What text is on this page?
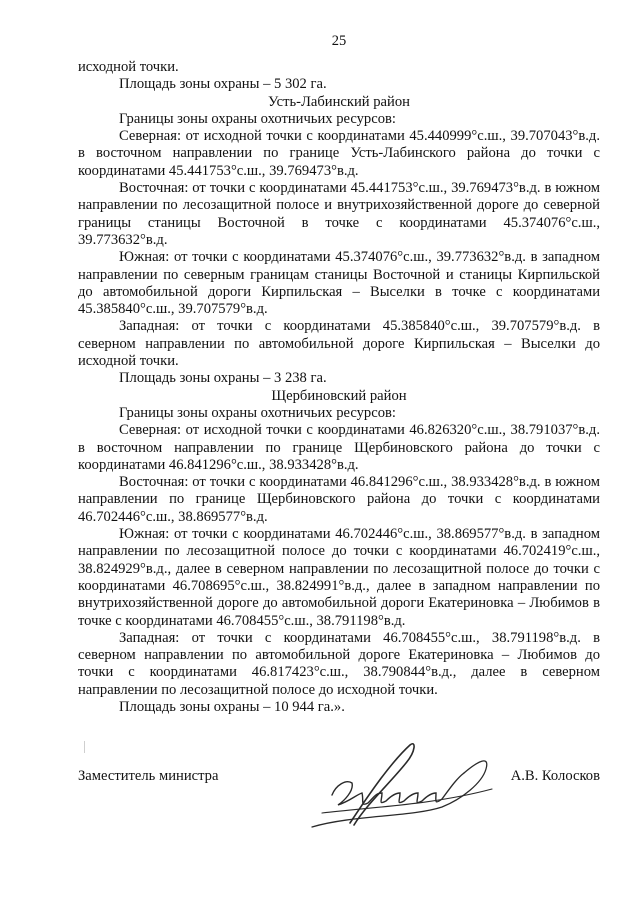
25

исходной точки.

Площадь зоны охраны – 5 302 га.

Усть-Лабинский район

Границы зоны охраны охотничьих ресурсов:

Северная: от исходной точки с координатами 45.440999°с.ш., 39.707043°в.д. в восточном направлении по границе Усть-Лабинского района до точки с координатами 45.441753°с.ш., 39.769473°в.д.

Восточная: от точки с координатами 45.441753°с.ш., 39.769473°в.д. в южном направлении по лесозащитной полосе и внутрихозяйственной дороге до северной границы станицы Восточной в точке с координатами 45.374076°с.ш., 39.773632°в.д.

Южная: от точки с координатами 45.374076°с.ш., 39.773632°в.д. в западном направлении по северным границам станицы Восточной и станицы Кирпильской до автомобильной дороги Кирпильская – Выселки в точке с координатами 45.385840°с.ш., 39.707579°в.д.

Западная: от точки с координатами 45.385840°с.ш., 39.707579°в.д. в северном направлении по автомобильной дороге Кирпильская – Выселки до исходной точки.

Площадь зоны охраны – 3 238 га.

Щербиновский район

Границы зоны охраны охотничьих ресурсов:

Северная: от исходной точки с координатами 46.826320°с.ш., 38.791037°в.д. в восточном направлении по границе Щербиновского района до точки с координатами 46.841296°с.ш., 38.933428°в.д.

Восточная: от точки с координатами 46.841296°с.ш., 38.933428°в.д. в южном направлении по границе Щербиновского района до точки с координатами 46.702446°с.ш., 38.869577°в.д.

Южная: от точки с координатами 46.702446°с.ш., 38.869577°в.д. в западном направлении по лесозащитной полосе до точки с координатами 46.702419°с.ш., 38.824929°в.д., далее в северном направлении по лесозащитной полосе до точки с координатами 46.708695°с.ш., 38.824991°в.д., далее в западном направлении по внутрихозяйственной дороге до автомобильной дороги Екатериновка – Любимов в точке с координатами 46.708455°с.ш., 38.791198°в.д.

Западная: от точки с координатами 46.708455°с.ш., 38.791198°в.д. в северном направлении по автомобильной дороге Екатериновка – Любимов до точки с координатами 46.817423°с.ш., 38.790844°в.д., далее в северном направлении по лесозащитной полосе до исходной точки.

Площадь зоны охраны – 10 944 га.».

Заместитель министра	А.В. Колосков
